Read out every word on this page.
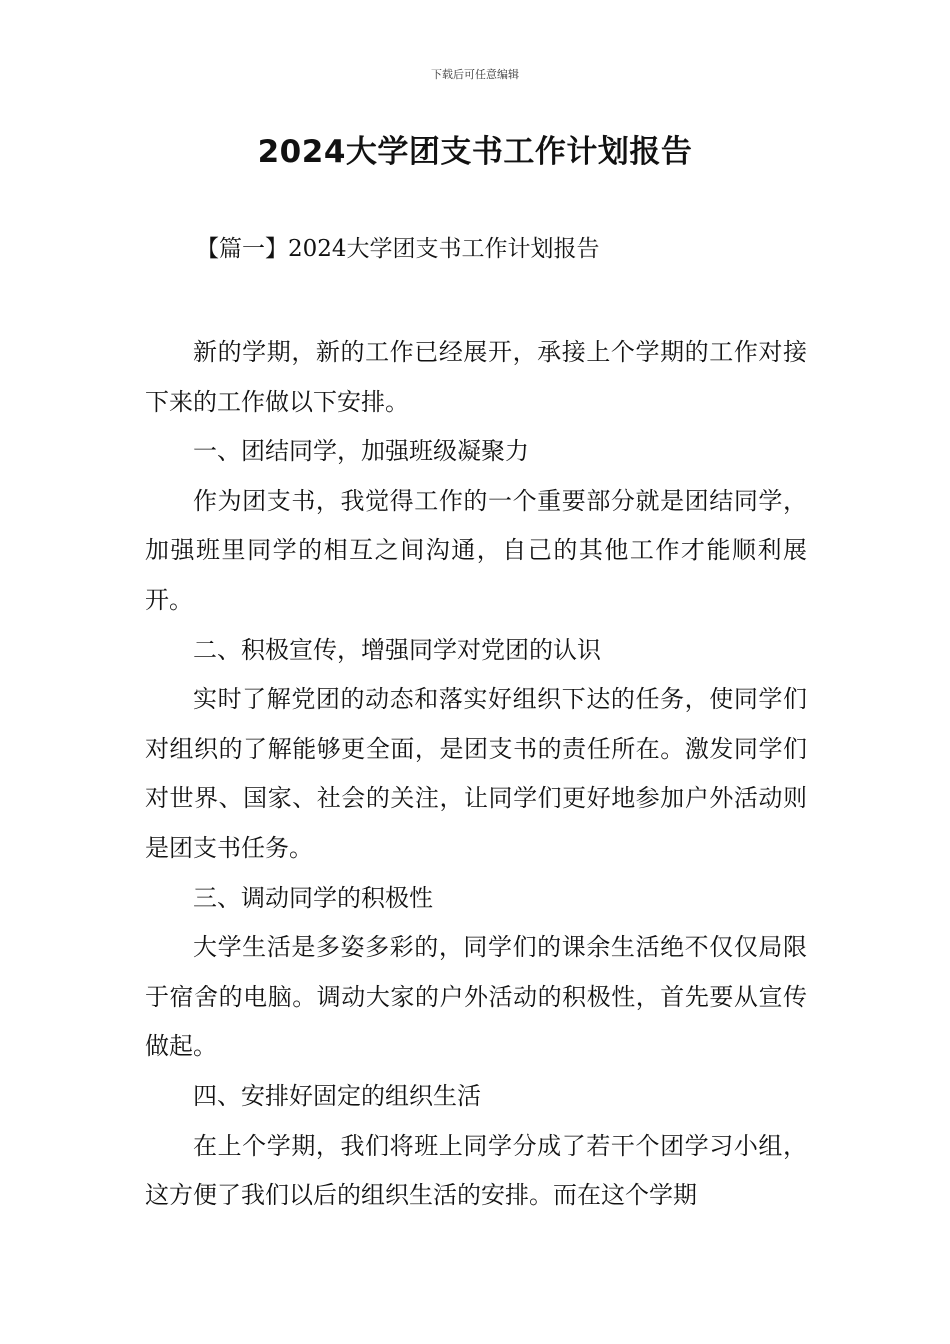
下载后可任意编辑
2024大学团支书工作计划报告
【篇一】2024大学团支书工作计划报告

新的学期，新的工作已经展开，承接上个学期的工作对接下来的工作做以下安排。

一、团结同学，加强班级凝聚力

作为团支书，我觉得工作的一个重要部分就是团结同学，加强班里同学的相互之间沟通，自己的其他工作才能顺利展开。

二、积极宣传，增强同学对党团的认识

实时了解党团的动态和落实好组织下达的任务，使同学们对组织的了解能够更全面，是团支书的责任所在。激发同学们对世界、国家、社会的关注，让同学们更好地参加户外活动则是团支书任务。

三、调动同学的积极性

大学生活是多姿多彩的，同学们的课余生活绝不仅仅局限于宿舍的电脑。调动大家的户外活动的积极性，首先要从宣传做起。

四、安排好固定的组织生活

在上个学期，我们将班上同学分成了若干个团学习小组，这方便了我们以后的组织生活的安排。而在这个学期
